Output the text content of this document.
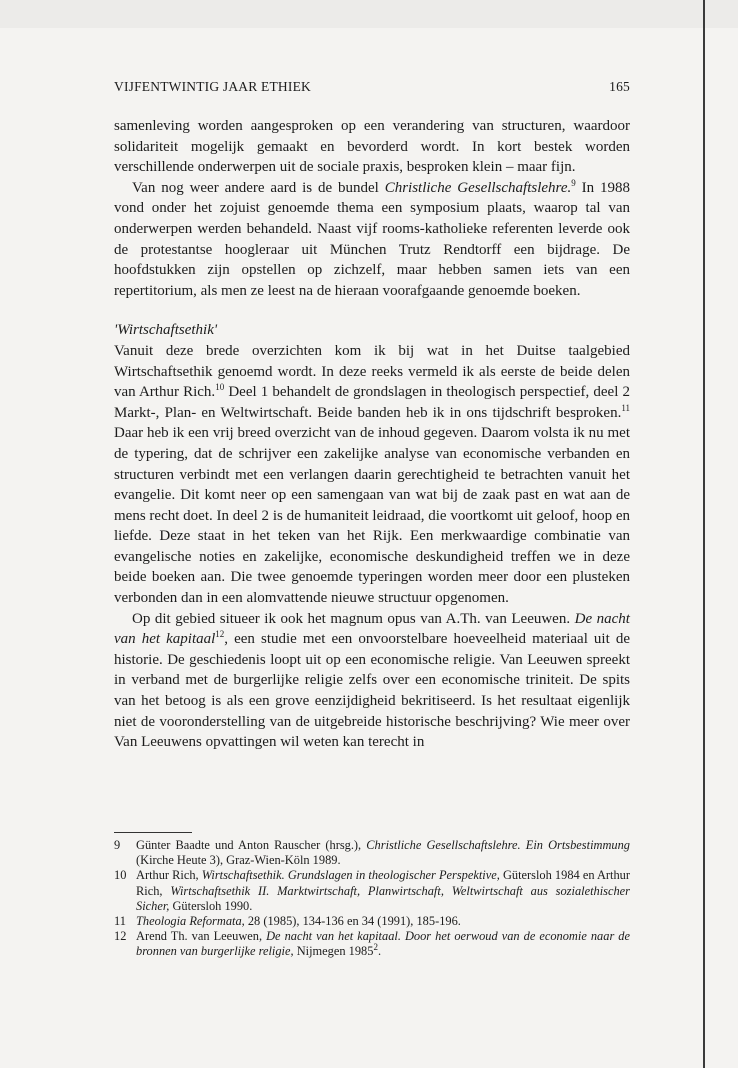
VIJFENTWINTIG JAAR ETHIEK	165

samenleving worden aangesproken op een verandering van structuren, waardoor solidariteit mogelijk gemaakt en bevorderd wordt. In kort bestek worden verschillende onderwerpen uit de sociale praxis, besproken klein – maar fijn.

Van nog weer andere aard is de bundel Christliche Gesellschaftslehre.$^9$ In 1988 vond onder het zojuist genoemde thema een symposium plaats, waarop tal van onderwerpen werden behandeld. Naast vijf rooms-katholieke referenten leverde ook de protestantse hoogleraar uit München Trutz Rendtorff een bijdrage. De hoofdstukken zijn opstellen op zichzelf, maar hebben samen iets van een repertitorium, als men ze leest na de hieraan voorafgaande genoemde boeken.

'Wirtschaftsethik'

Vanuit deze brede overzichten kom ik bij wat in het Duitse taalgebied Wirtschaftsethik genoemd wordt. In deze reeks vermeld ik als eerste de beide delen van Arthur Rich.$^{10}$ Deel 1 behandelt de grondslagen in theologisch perspectief, deel 2 Markt-, Plan- en Weltwirtschaft. Beide banden heb ik in ons tijdschrift besproken.$^{11}$ Daar heb ik een vrij breed overzicht van de inhoud gegeven. Daarom volsta ik nu met de typering, dat de schrijver een zakelijke analyse van economische verbanden en structuren verbindt met een verlangen daarin gerechtigheid te betrachten vanuit het evangelie. Dit komt neer op een samengaan van wat bij de zaak past en wat aan de mens recht doet. In deel 2 is de humaniteit leidraad, die voortkomt uit geloof, hoop en liefde. Deze staat in het teken van het Rijk. Een merkwaardige combinatie van evangelische noties en zakelijke, economische deskundigheid treffen we in deze beide boeken aan. Die twee genoemde typeringen worden meer door een plusteken verbonden dan in een alomvattende nieuwe structuur opgenomen.

Op dit gebied situeer ik ook het magnum opus van A.Th. van Leeuwen. De nacht van het kapitaal$^{12}$, een studie met een onvoorstelbare hoeveelheid materiaal uit de historie. De geschiedenis loopt uit op een economische religie. Van Leeuwen spreekt in verband met de burgerlijke religie zelfs over een economische triniteit. De spits van het betoog is als een grove eenzijdigheid bekritiseerd. Is het resultaat eigenlijk niet de vooronderstelling van de uitgebreide historische beschrijving? Wie meer over Van Leeuwens opvattingen wil weten kan terecht in

9	Günter Baadte und Anton Rauscher (hrsg.), Christliche Gesellschaftslehre. Ein Ortsbestimmung (Kirche Heute 3), Graz-Wien-Köln 1989.
10 Arthur Rich, Wirtschaftsethik. Grundslagen in theologischer Perspektive, Gütersloh 1984 en Arthur Rich, Wirtschaftsethik II. Marktwirtschaft, Planwirtschaft, Weltwirtschaft aus sozialethischer Sicher, Gütersloh 1990.
11 Theologia Reformata, 28 (1985), 134-136 en 34 (1991), 185-196.
12 Arend Th. van Leeuwen, De nacht van het kapitaal. Door het oerwoud van de economie naar de bronnen van burgerlijke religie, Nijmegen 1985$^2$.
